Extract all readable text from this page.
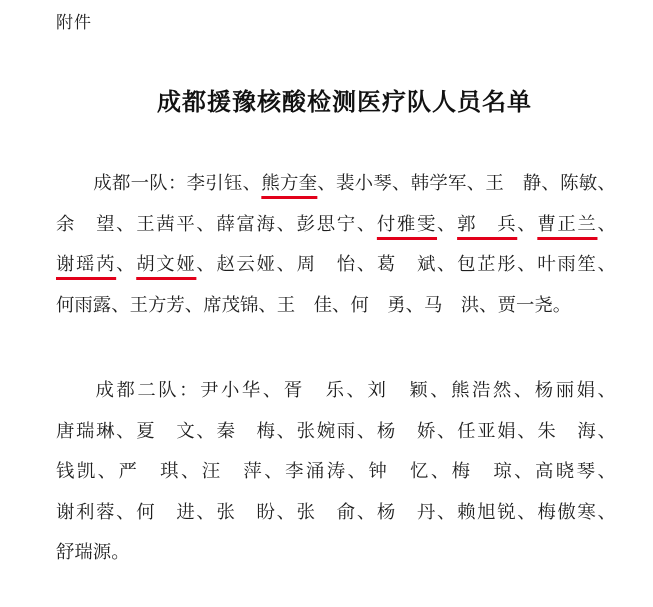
附件
成都援豫核酸检测医疗队人员名单
成都一队：李引钰、熊方奎、裴小琴、韩学军、王　静、陈敏、余　望、王茜平、薛富海、彭思宁、付雅雯、郭　兵、曹正兰、谢瑶芮、胡文娅、赵云娅、周　怡、葛　斌、包芷彤、叶雨笙、何雨露、王方芳、席茂锦、王　佳、何　勇、马　洪、贾一尧。
成都二队：尹小华、胥　乐、刘　颖、熊浩然、杨丽娟、唐瑞琳、夏　文、秦　梅、张婉雨、杨　娇、任亚娟、朱　海、钱凯、严　琪、汪　萍、李涌涛、钟　忆、梅　琼、高晓琴、谢利蓉、何　进、张　盼、张　俞、杨　丹、赖旭锐、梅傲寒、舒瑞源。
